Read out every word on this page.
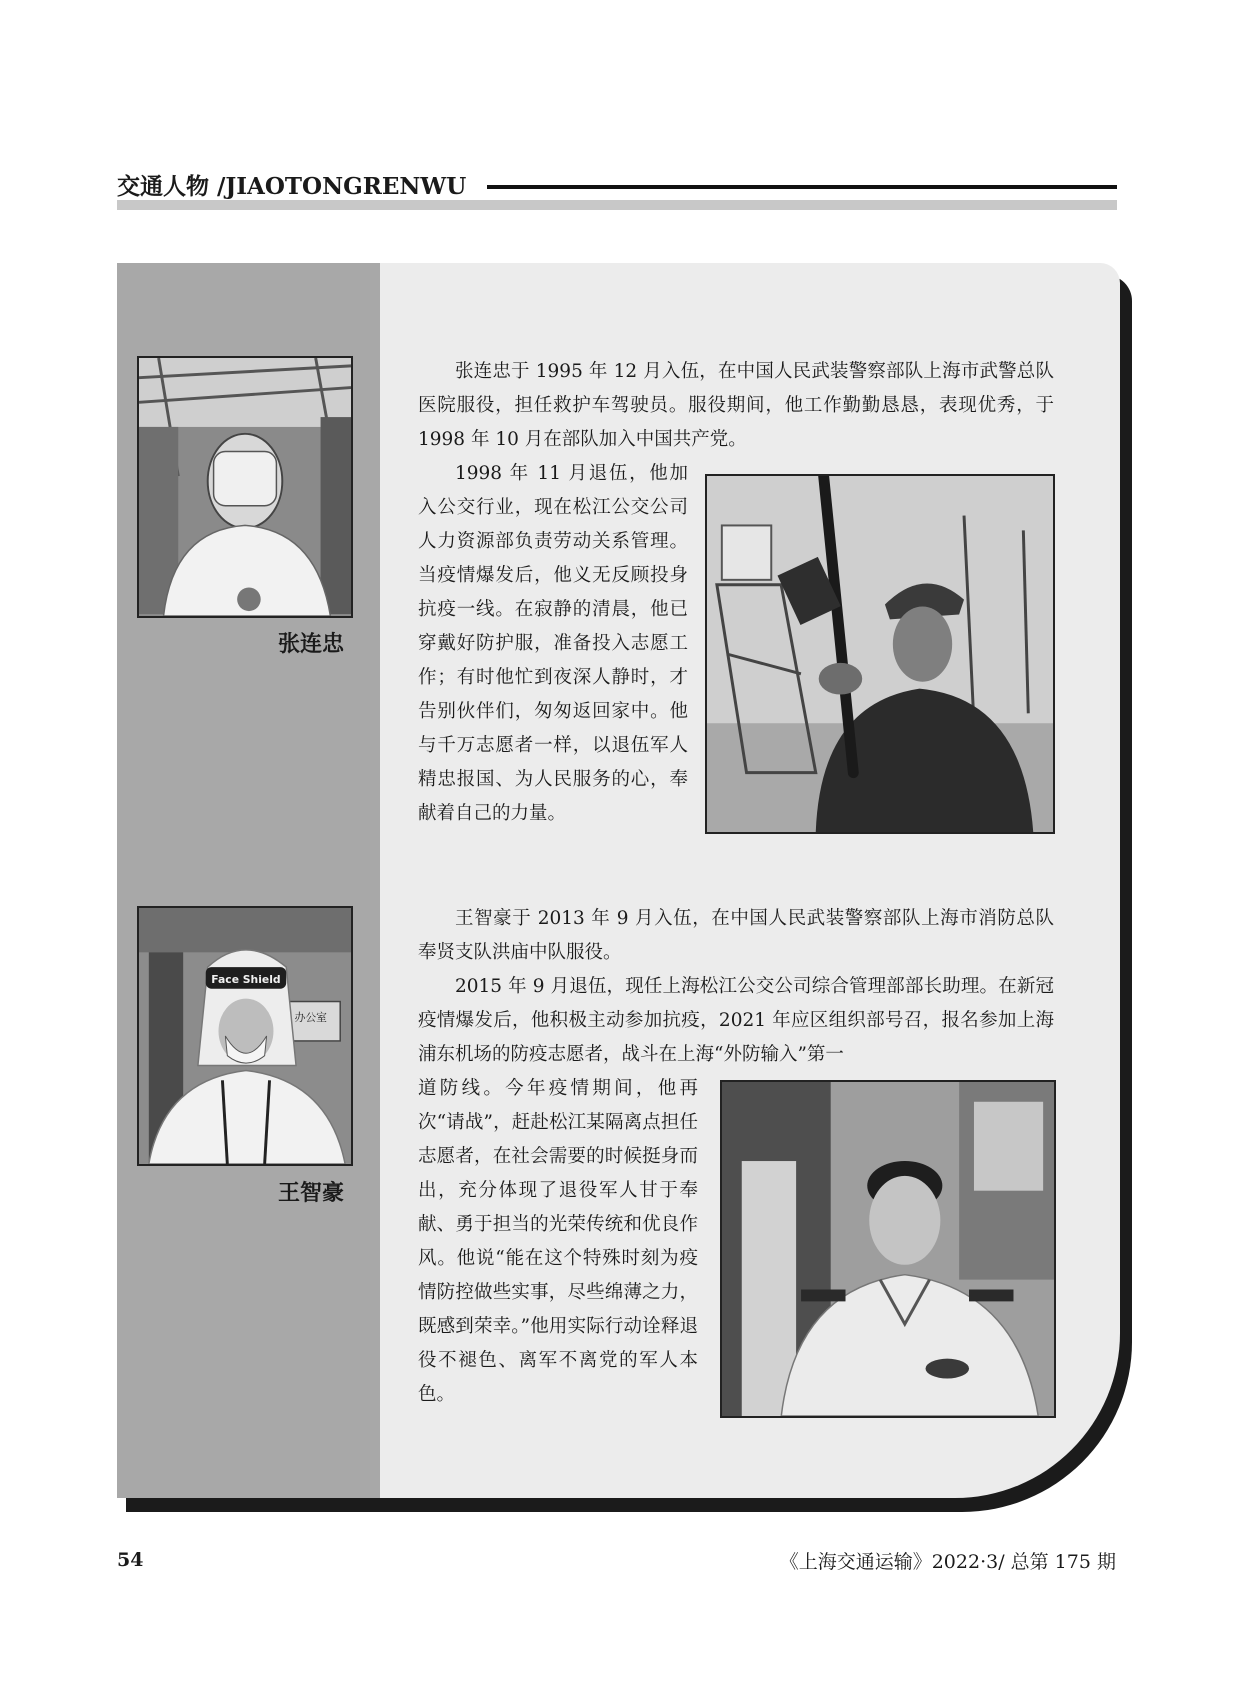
交通人物 /JIAOTONGRENWU
张连忠

张连忠于 1995 年 12 月入伍，在中国人民武装警察部队上海市武警总队医院服役，担任救护车驾驶员。服役期间，他工作勤勤恳恳，表现优秀，于 1998 年 10 月在部队加入中国共产党。

1998 年 11 月退伍，他加入公交行业，现在松江公交公司人力资源部负责劳动关系管理。当疫情爆发后，他义无反顾投身抗疫一线。在寂静的清晨，他已穿戴好防护服，准备投入志愿工作；有时他忙到夜深人静时，才告别伙伴们，匆匆返回家中。他与千万志愿者一样，以退伍军人精忠报国、为人民服务的心，奉献着自己的力量。

办公室
Face Shield
王智豪

王智豪于 2013 年 9 月入伍，在中国人民武装警察部队上海市消防总队奉贤支队洪庙中队服役。

2015 年 9 月退伍，现任上海松江公交公司综合管理部部长助理。在新冠疫情爆发后，他积极主动参加抗疫，2021 年应区组织部号召，报名参加上海浦东机场的防疫志愿者，战斗在上海“外防输入”第一

道防线。今年疫情期间，他再次“请战”，赶赴松江某隔离点担任志愿者，在社会需要的时候挺身而出，充分体现了退役军人甘于奉献、勇于担当的光荣传统和优良作风。他说“能在这个特殊时刻为疫情防控做些实事，尽些绵薄之力，既感到荣幸。”他用实际行动诠释退役不褪色、离军不离党的军人本色。

54	《上海交通运输》2022·3/ 总第 175 期
